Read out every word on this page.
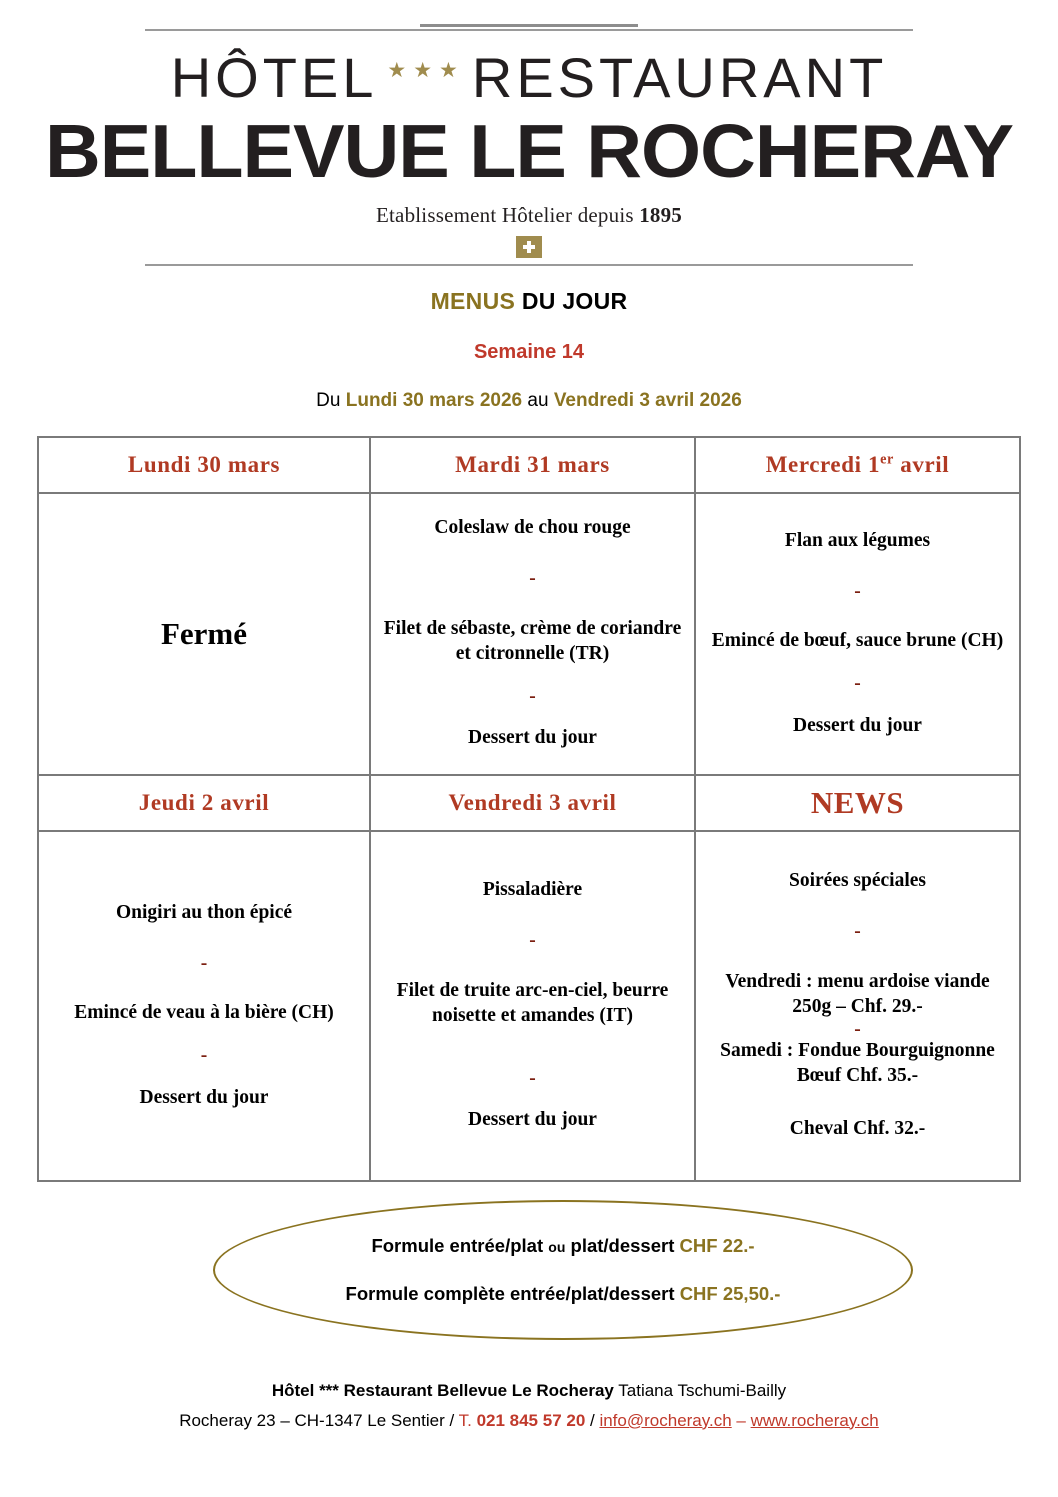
HÔTEL ★ ★ ★ RESTAURANT
BELLEVUE LE ROCHERAY
Etablissement Hôtelier depuis 1895
MENUS DU JOUR
Semaine 14
Du Lundi 30 mars 2026 au Vendredi 3 avril 2026
Lundi 30 mars	Mardi 31 mars	Mercredi 1er avril

Fermé

Coleslaw de chou rouge
-
Filet de sébaste, crème de coriandre et citronnelle (TR)
-
Dessert du jour

Flan aux légumes
-
Emincé de bœuf, sauce brune (CH)
-
Dessert du jour

Jeudi 2 avril	Vendredi 3 avril	NEWS

Onigiri au thon épicé
-
Emincé de veau à la bière (CH)
-
Dessert du jour

Pissaladière
-
Filet de truite arc-en-ciel, beurre noisette et amandes (IT)
-
Dessert du jour

Soirées spéciales
-
Vendredi : menu ardoise viande 250g – Chf. 29.-
-
Samedi : Fondue Bourguignonne Bœuf Chf. 35.-
Cheval Chf. 32.-
Formule entrée/plat ou plat/dessert CHF 22.-
Formule complète entrée/plat/dessert CHF 25,50.-
Hôtel *** Restaurant Bellevue Le Rocheray Tatiana Tschumi-Bailly
Rocheray 23 – CH-1347 Le Sentier / T. 021 845 57 20 / info@rocheray.ch – www.rocheray.ch
